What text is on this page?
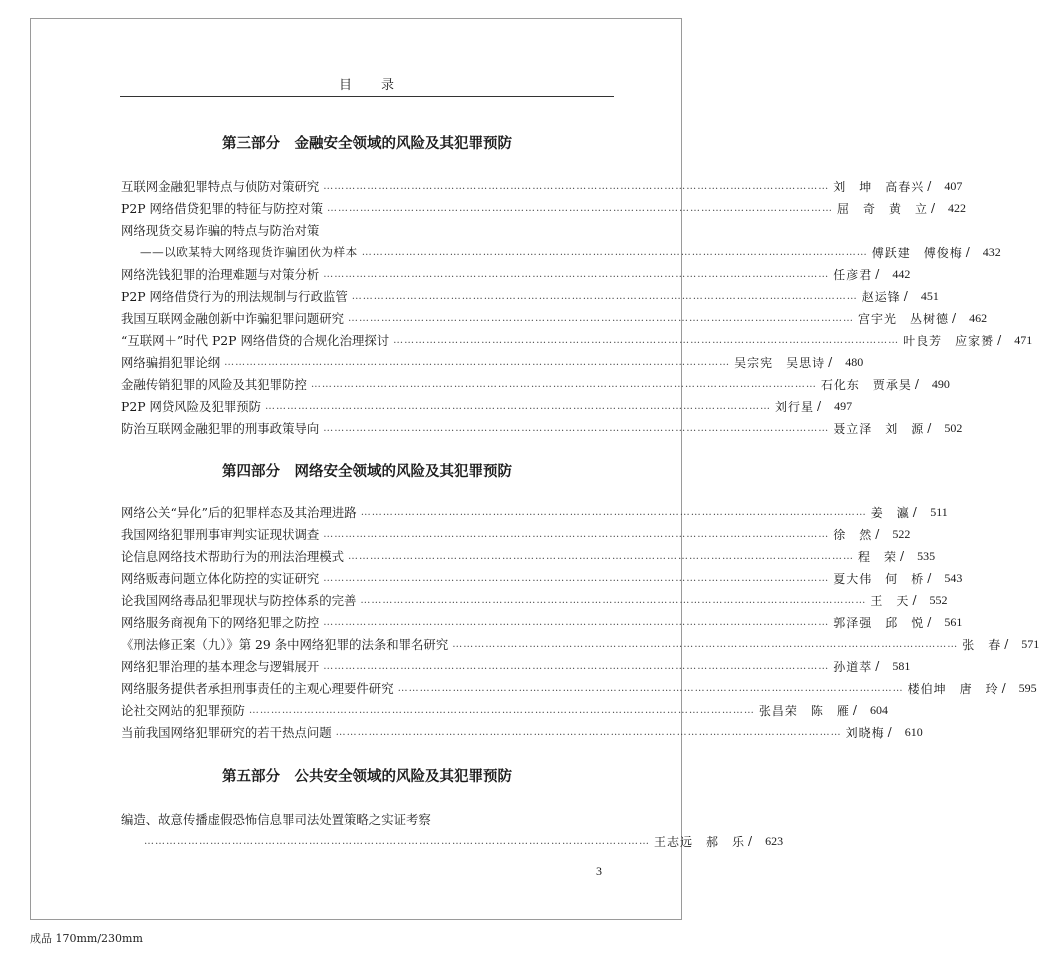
目　　录
第三部分　金融安全领域的风险及其犯罪预防
互联网金融犯罪特点与侦防对策研究 ………………………………………………………………………………………………………………………… 刘　坤　高春兴 /	407
P2P 网络借贷犯罪的特征与防控对策 ………………………………………………………………………………………………………………………… 屈　奇　黄　立 /	422
网络现货交易诈骗的特点与防治对策
——以欧某特大网络现货诈骗团伙为样本 ………………………………………………………………………………………………………………………… 傅跃建　傅俊梅 /	432
网络洗钱犯罪的治理难题与对策分析 ………………………………………………………………………………………………………………………… 任彦君 /	442
P2P 网络借贷行为的刑法规制与行政监管 ………………………………………………………………………………………………………………………… 赵运锋 /	451
我国互联网金融创新中诈骗犯罪问题研究 ………………………………………………………………………………………………………………………… 宫宇光　丛树德 /	462
“互联网＋”时代 P2P 网络借贷的合规化治理探讨 ………………………………………………………………………………………………………………………… 叶良芳　应家赟 /	471
网络骗捐犯罪论纲 ………………………………………………………………………………………………………………………… 吴宗宪　吴思诗 /	480
金融传销犯罪的风险及其犯罪防控 ………………………………………………………………………………………………………………………… 石化东　贾承昊 /	490
P2P 网贷风险及犯罪预防 ………………………………………………………………………………………………………………………… 刘行星 /	497
防治互联网金融犯罪的刑事政策导向 ………………………………………………………………………………………………………………………… 聂立泽　刘　源 /	502
第四部分　网络安全领域的风险及其犯罪预防
网络公关“异化”后的犯罪样态及其治理进路 ………………………………………………………………………………………………………………………… 姜　瀛 /	511
我国网络犯罪刑事审判实证现状调查 ………………………………………………………………………………………………………………………… 徐　然 /	522
论信息网络技术帮助行为的刑法治理模式 ………………………………………………………………………………………………………………………… 程　荣 /	535
网络贩毒问题立体化防控的实证研究 ………………………………………………………………………………………………………………………… 夏大伟　何　桥 /	543
论我国网络毒品犯罪现状与防控体系的完善 ………………………………………………………………………………………………………………………… 王　天 /	552
网络服务商视角下的网络犯罪之防控 ………………………………………………………………………………………………………………………… 郭泽强　邱　悦 /	561
《刑法修正案（九）》第 29 条中网络犯罪的法条和罪名研究 ………………………………………………………………………………………………………………………… 张　春 /	571
网络犯罪治理的基本理念与逻辑展开 ………………………………………………………………………………………………………………………… 孙道萃 /	581
网络服务提供者承担刑事责任的主观心理要件研究 ………………………………………………………………………………………………………………………… 楼伯坤　唐　玲 /	595
论社交网站的犯罪预防 ………………………………………………………………………………………………………………………… 张昌荣　陈　雁 /	604
当前我国网络犯罪研究的若干热点问题 ………………………………………………………………………………………………………………………… 刘晓梅 /	610
第五部分　公共安全领域的风险及其犯罪预防
编造、故意传播虚假恐怖信息罪司法处置策略之实证考察
………………………………………………………………………………………………………………………… 王志远　郝　乐 /	623
3
成品 170mm/230mm
